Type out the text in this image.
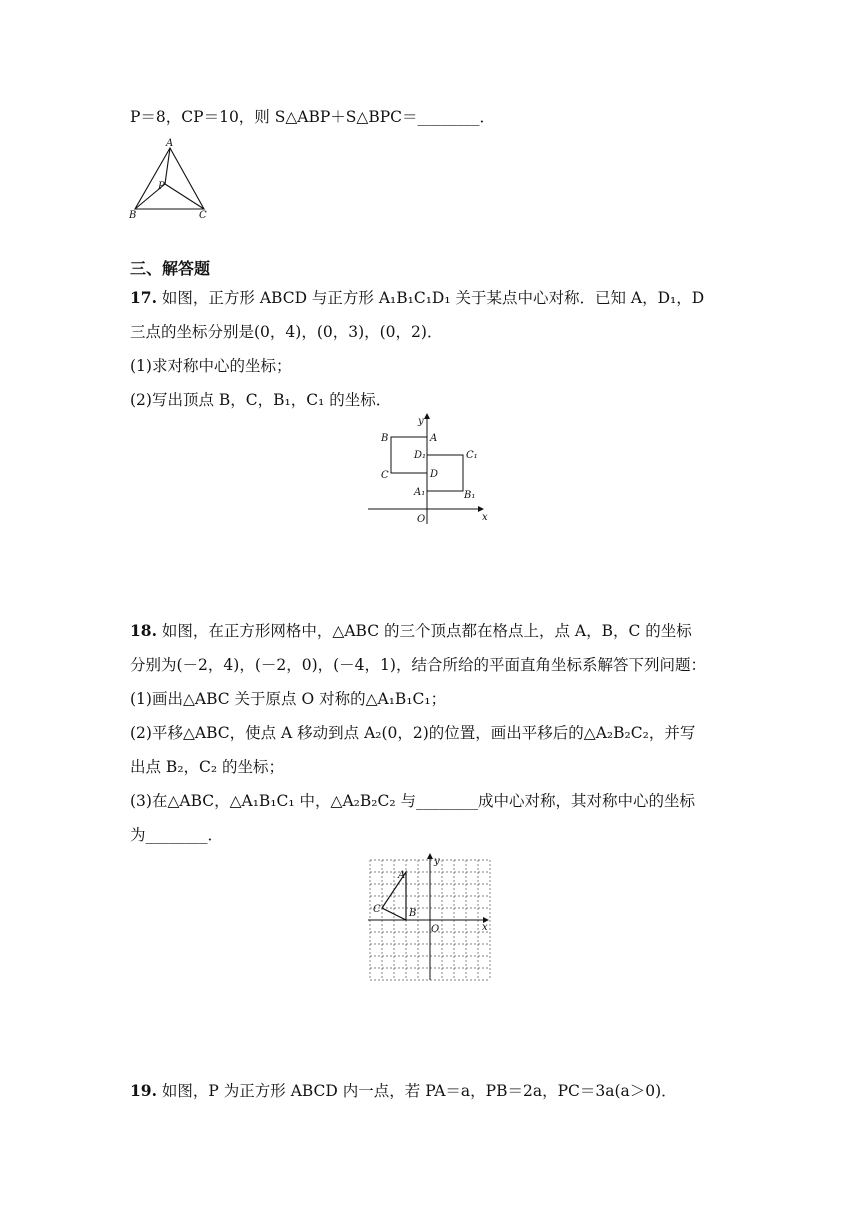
P＝8，CP＝10，则 S△ABP＋S△BPC＝________．
A
P
B	C
三、解答题
17. 如图，正方形 ABCD 与正方形 A₁B₁C₁D₁ 关于某点中心对称．已知 A，D₁，D
三点的坐标分别是(0，4)，(0，3)，(0，2)．
(1)求对称中心的坐标；
(2)写出顶点 B，C，B₁，C₁ 的坐标．
y
x
O
B	A
D₁	C₁
C	D
A₁	B₁
18. 如图，在正方形网格中，△ABC 的三个顶点都在格点上，点 A，B，C 的坐标
分别为(－2，4)，(－2，0)，(－4，1)，结合所给的平面直角坐标系解答下列问题：
(1)画出△ABC 关于原点 O 对称的△A₁B₁C₁；
(2)平移△ABC，使点 A 移动到点 A₂(0，2)的位置，画出平移后的△A₂B₂C₂，并写
出点 B₂，C₂ 的坐标；
(3)在△ABC，△A₁B₁C₁ 中，△A₂B₂C₂ 与________成中心对称，其对称中心的坐标
为________．
y
x
O
A
C	B
19. 如图，P 为正方形 ABCD 内一点，若 PA＝a，PB＝2a，PC＝3a(a＞0)．
